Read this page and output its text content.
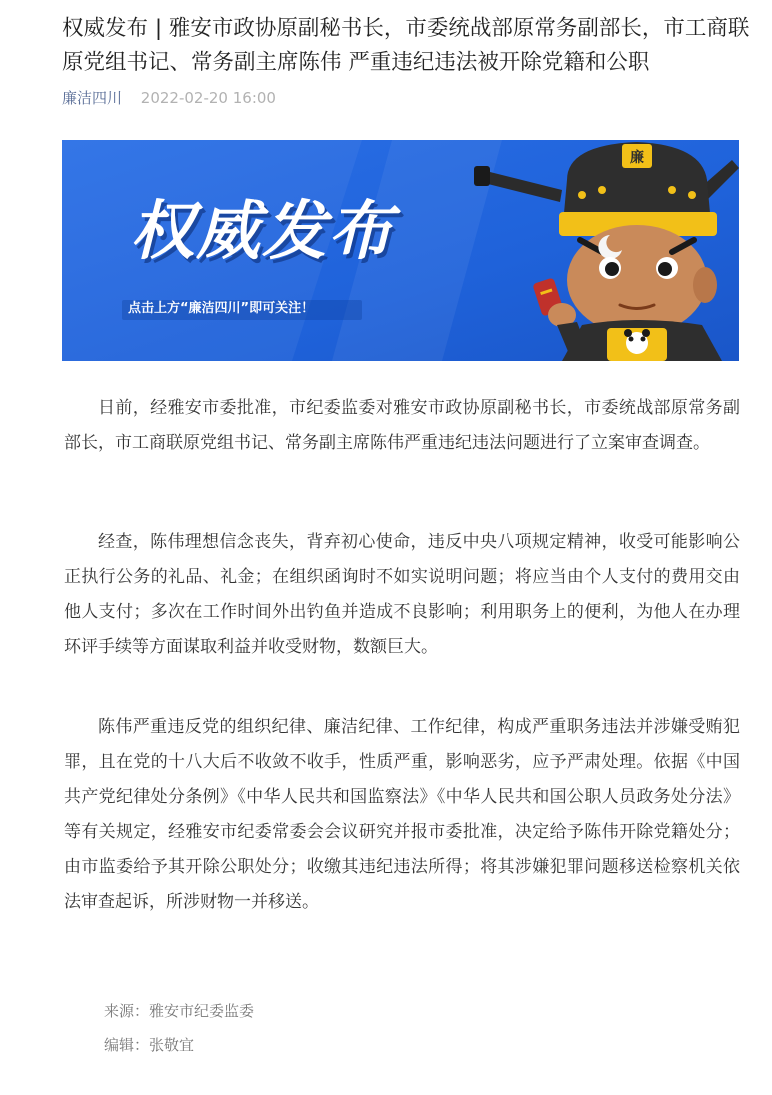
权威发布 | 雅安市政协原副秘书长，市委统战部原常务副部长，市工商联原党组书记、常务副主席陈伟 严重违纪违法被开除党籍和公职
廉洁四川 2022-02-20 16:00
廉
权威发布
点击上方“廉洁四川”即可关注！

日前，经雅安市委批准，市纪委监委对雅安市政协原副秘书长，市委统战部原常务副部长，市工商联原党组书记、常务副主席陈伟严重违纪违法问题进行了立案审查调查。

经查，陈伟理想信念丧失，背弃初心使命，违反中央八项规定精神，收受可能影响公正执行公务的礼品、礼金；在组织函询时不如实说明问题；将应当由个人支付的费用交由他人支付；多次在工作时间外出钓鱼并造成不良影响；利用职务上的便利，为他人在办理环评手续等方面谋取利益并收受财物，数额巨大。

陈伟严重违反党的组织纪律、廉洁纪律、工作纪律，构成严重职务违法并涉嫌受贿犯罪，且在党的十八大后不收敛不收手，性质严重，影响恶劣，应予严肃处理。依据《中国共产党纪律处分条例》《中华人民共和国监察法》《中华人民共和国公职人员政务处分法》等有关规定，经雅安市纪委常委会会议研究并报市委批准，决定给予陈伟开除党籍处分；由市监委给予其开除公职处分；收缴其违纪违法所得；将其涉嫌犯罪问题移送检察机关依法审查起诉，所涉财物一并移送。

来源：雅安市纪委监委
编辑：张敬宜
